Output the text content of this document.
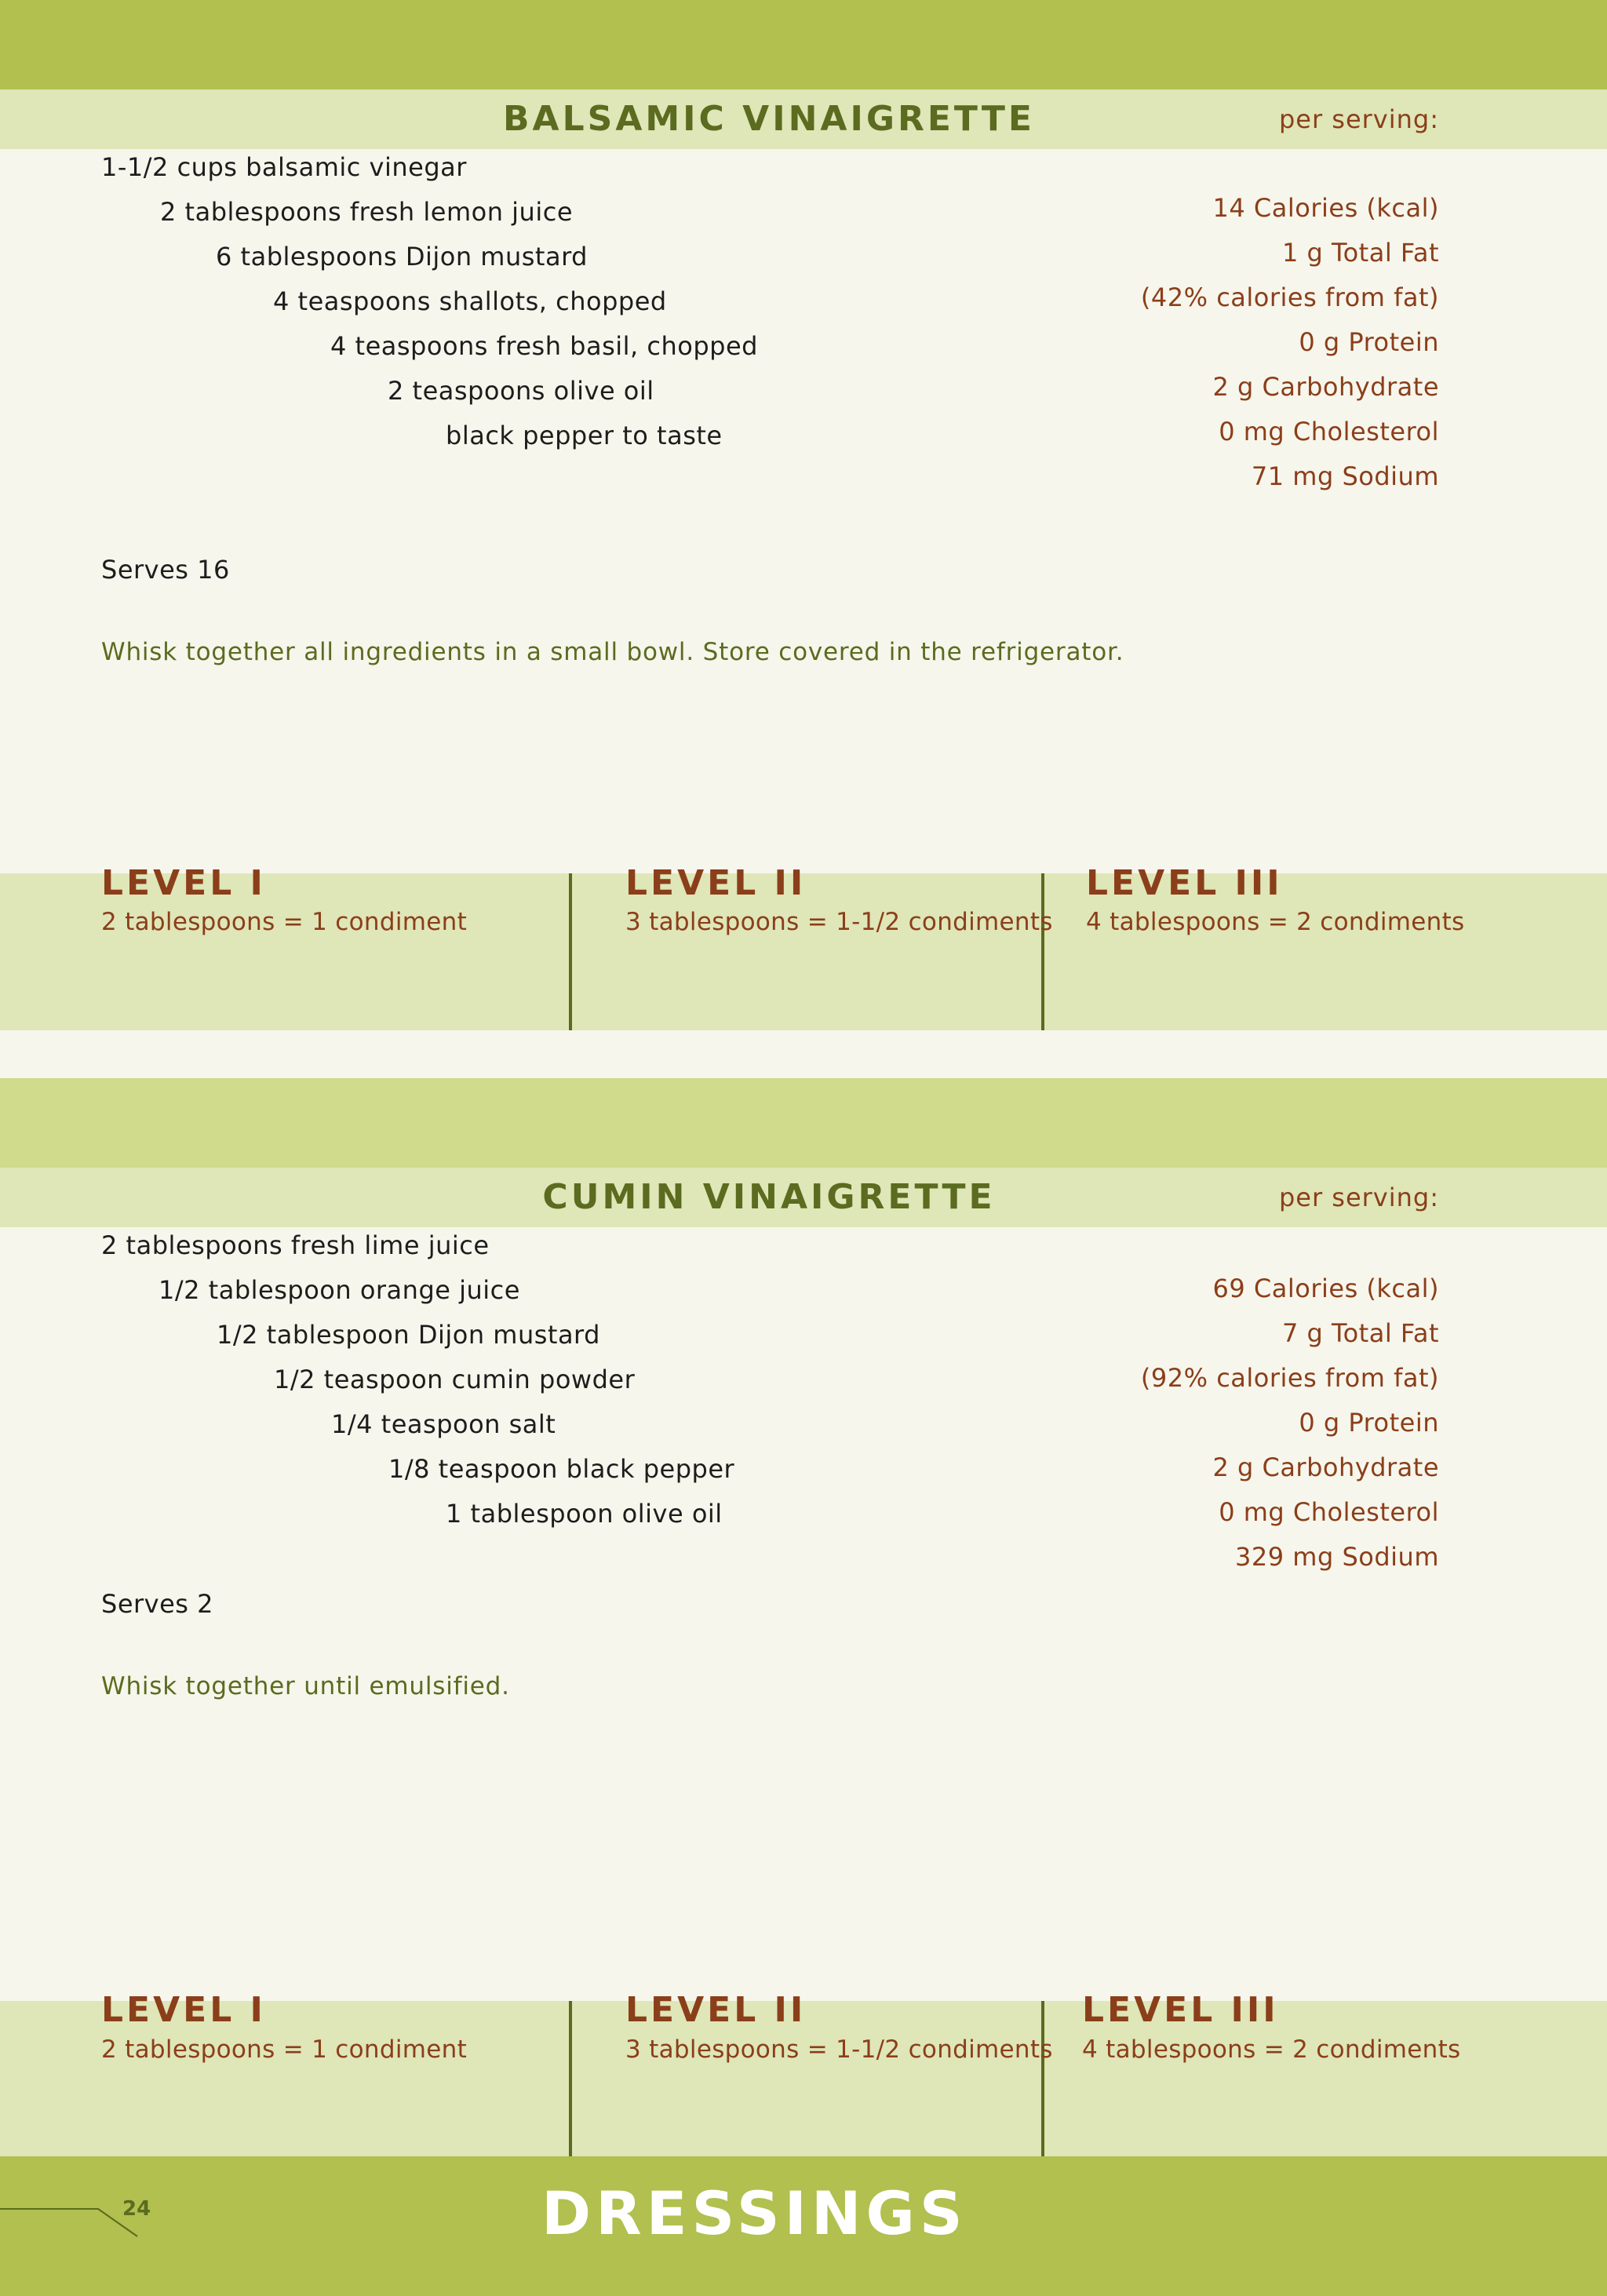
BALSAMIC VINAIGRETTE	per serving:
1-1/2 cups balsamic vinegar
2 tablespoons fresh lemon juice
6 tablespoons Dijon mustard
4 teaspoons shallots, chopped
4 teaspoons fresh basil, chopped
2 teaspoons olive oil
black pepper to taste
14 Calories (kcal)
1 g Total Fat
(42% calories from fat)
0 g Protein
2 g Carbohydrate
0 mg Cholesterol
71 mg Sodium
Serves 16
Whisk together all ingredients in a small bowl. Store covered in the refrigerator.
LEVEL I
2 tablespoons = 1 condiment
LEVEL II
3 tablespoons = 1-1/2 condiments
LEVEL III
4 tablespoons = 2 condiments
CUMIN VINAIGRETTE	per serving:
2 tablespoons fresh lime juice
1/2 tablespoon orange juice
1/2 tablespoon Dijon mustard
1/2 teaspoon cumin powder
1/4 teaspoon salt
1/8 teaspoon black pepper
1 tablespoon olive oil
69 Calories (kcal)
7 g Total Fat
(92% calories from fat)
0 g Protein
2 g Carbohydrate
0 mg Cholesterol
329 mg Sodium
Serves 2
Whisk together until emulsified.
LEVEL I
2 tablespoons = 1 condiment
LEVEL II
3 tablespoons = 1-1/2 condiments
LEVEL III
4 tablespoons = 2 condiments
24	DRESSINGS
